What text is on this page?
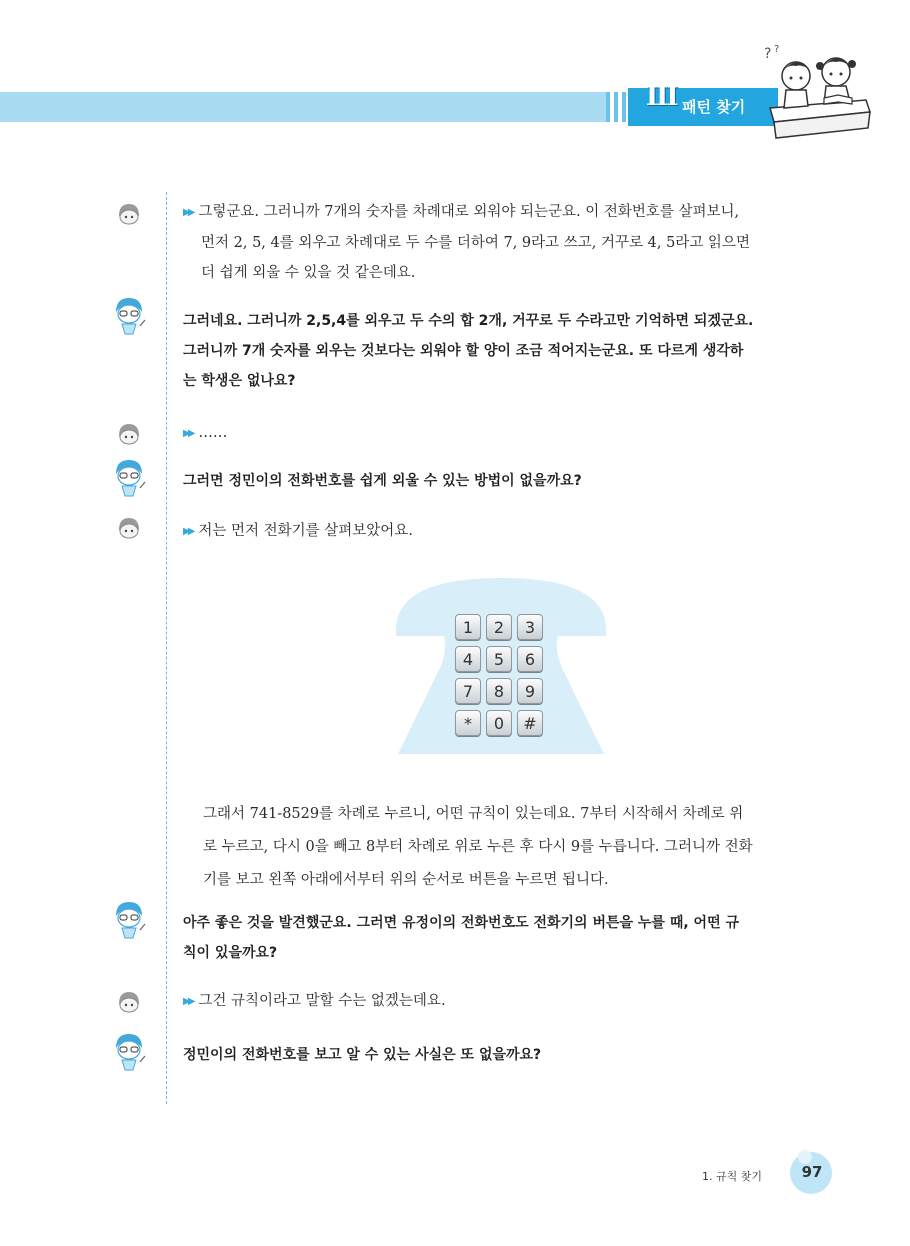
III 패턴 찾기
? ?
▶▶ 그렇군요. 그러니까 7개의 숫자를 차례대로 외워야 되는군요. 이 전화번호를 살펴보니,
먼저 2, 5, 4를 외우고 차례대로 두 수를 더하여 7, 9라고 쓰고, 거꾸로 4, 5라고 읽으면
더 쉽게 외울 수 있을 것 같은데요.
그러네요. 그러니까 2,5,4를 외우고 두 수의 합 2개, 거꾸로 두 수라고만 기억하면 되겠군요.
그러니까 7개 숫자를 외우는 것보다는 외워야 할 양이 조금 적어지는군요. 또 다르게 생각하
는 학생은 없나요?
▶▶ ……
그러면 정민이의 전화번호를 쉽게 외울 수 있는 방법이 없을까요?
▶▶ 저는 먼저 전화기를 살펴보았어요.
1	2	3
4	5	6
7	8	9
*	0	#
그래서 741-8529를 차례로 누르니, 어떤 규칙이 있는데요. 7부터 시작해서 차례로 위
로 누르고, 다시 0을 빼고 8부터 차례로 위로 누른 후 다시 9를 누릅니다. 그러니까 전화
기를 보고 왼쪽 아래에서부터 위의 순서로 버튼을 누르면 됩니다.
아주 좋은 것을 발견했군요. 그러면 유정이의 전화번호도 전화기의 버튼을 누를 때, 어떤 규
칙이 있을까요?
▶▶ 그건 규칙이라고 말할 수는 없겠는데요.
정민이의 전화번호를 보고 알 수 있는 사실은 또 없을까요?
1. 규칙 찾기	97
